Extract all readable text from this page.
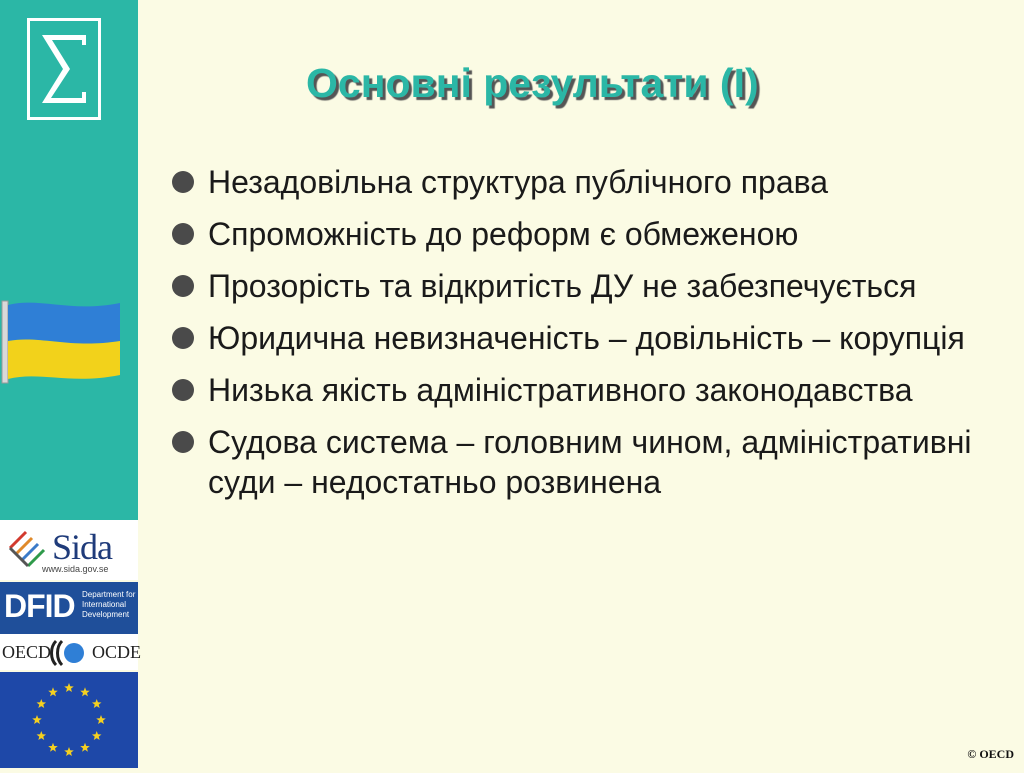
Sida
www.sida.gov.se
DFID Department for International Development
OECD OCDE
Основні результати (I)
Незадовільна структура публічного права
Спроможність до реформ є обмеженою
Прозорість та відкритість ДУ не забезпечується
Юридична невизначеність – довільність – корупція
Низька якість адміністративного законодавства
Судова система – головним чином, адміністративні суди – недостатньо розвинена
© OECD
